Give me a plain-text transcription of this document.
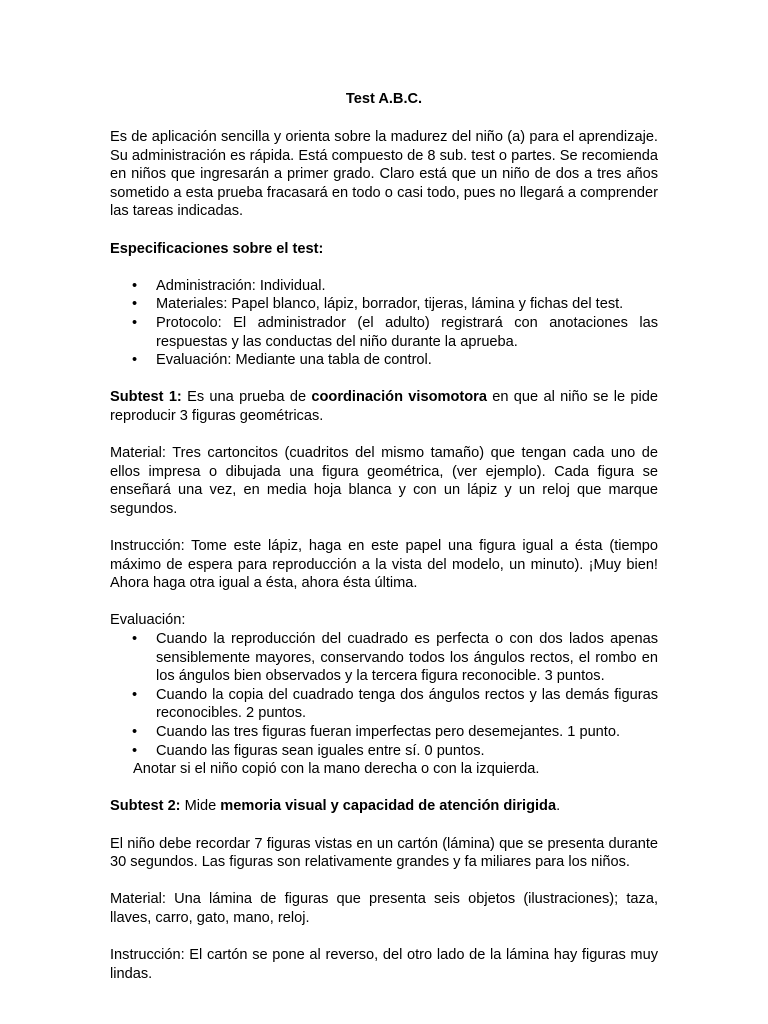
Test A.B.C.

Es de aplicación sencilla y orienta sobre la madurez del niño (a) para el aprendizaje. Su administración es rápida. Está compuesto de 8 sub. test o partes. Se recomienda en niños que ingresarán a primer grado. Claro está que un niño de dos a tres años sometido a esta prueba fracasará en todo o casi todo, pues no llegará a comprender las tareas indicadas.

Especificaciones sobre el test:
• Administración: Individual.
• Materiales: Papel blanco, lápiz, borrador, tijeras, lámina y fichas del test.
• Protocolo: El administrador (el adulto) registrará con anotaciones las respuestas y las conductas del niño durante la aprueba.
• Evaluación: Mediante una tabla de control.

Subtest 1: Es una prueba de coordinación visomotora en que al niño se le pide reproducir 3 figuras geométricas.

Material: Tres cartoncitos (cuadritos del mismo tamaño) que tengan cada uno de ellos impresa o dibujada una figura geométrica, (ver ejemplo). Cada figura se enseñará una vez, en media hoja blanca y con un lápiz y un reloj que marque segundos.

Instrucción: Tome este lápiz, haga en este papel una figura igual a ésta (tiempo máximo de espera para reproducción a la vista del modelo, un minuto). ¡Muy bien! Ahora haga otra igual a ésta, ahora ésta última.

Evaluación:

• Cuando la reproducción del cuadrado es perfecta o con dos lados apenas sensiblemente mayores, conservando todos los ángulos rectos, el rombo en los ángulos bien observados y la tercera figura reconocible. 3 puntos.
• Cuando la copia del cuadrado tenga dos ángulos rectos y las demás figuras reconocibles. 2 puntos.
• Cuando las tres figuras fueran imperfectas pero desemejantes. 1 punto.
• Cuando las figuras sean iguales entre sí. 0 puntos.
Anotar si el niño copió con la mano derecha o con la izquierda.

Subtest 2: Mide memoria visual y capacidad de atención dirigida.

El niño debe recordar 7 figuras vistas en un cartón (lámina) que se presenta durante 30 segundos. Las figuras son relativamente grandes y fa miliares para los niños.

Material: Una lámina de figuras que presenta seis objetos (ilustraciones); taza, llaves, carro, gato, mano, reloj.

Instrucción: El cartón se pone al reverso, del otro lado de la lámina hay figuras muy lindas.
